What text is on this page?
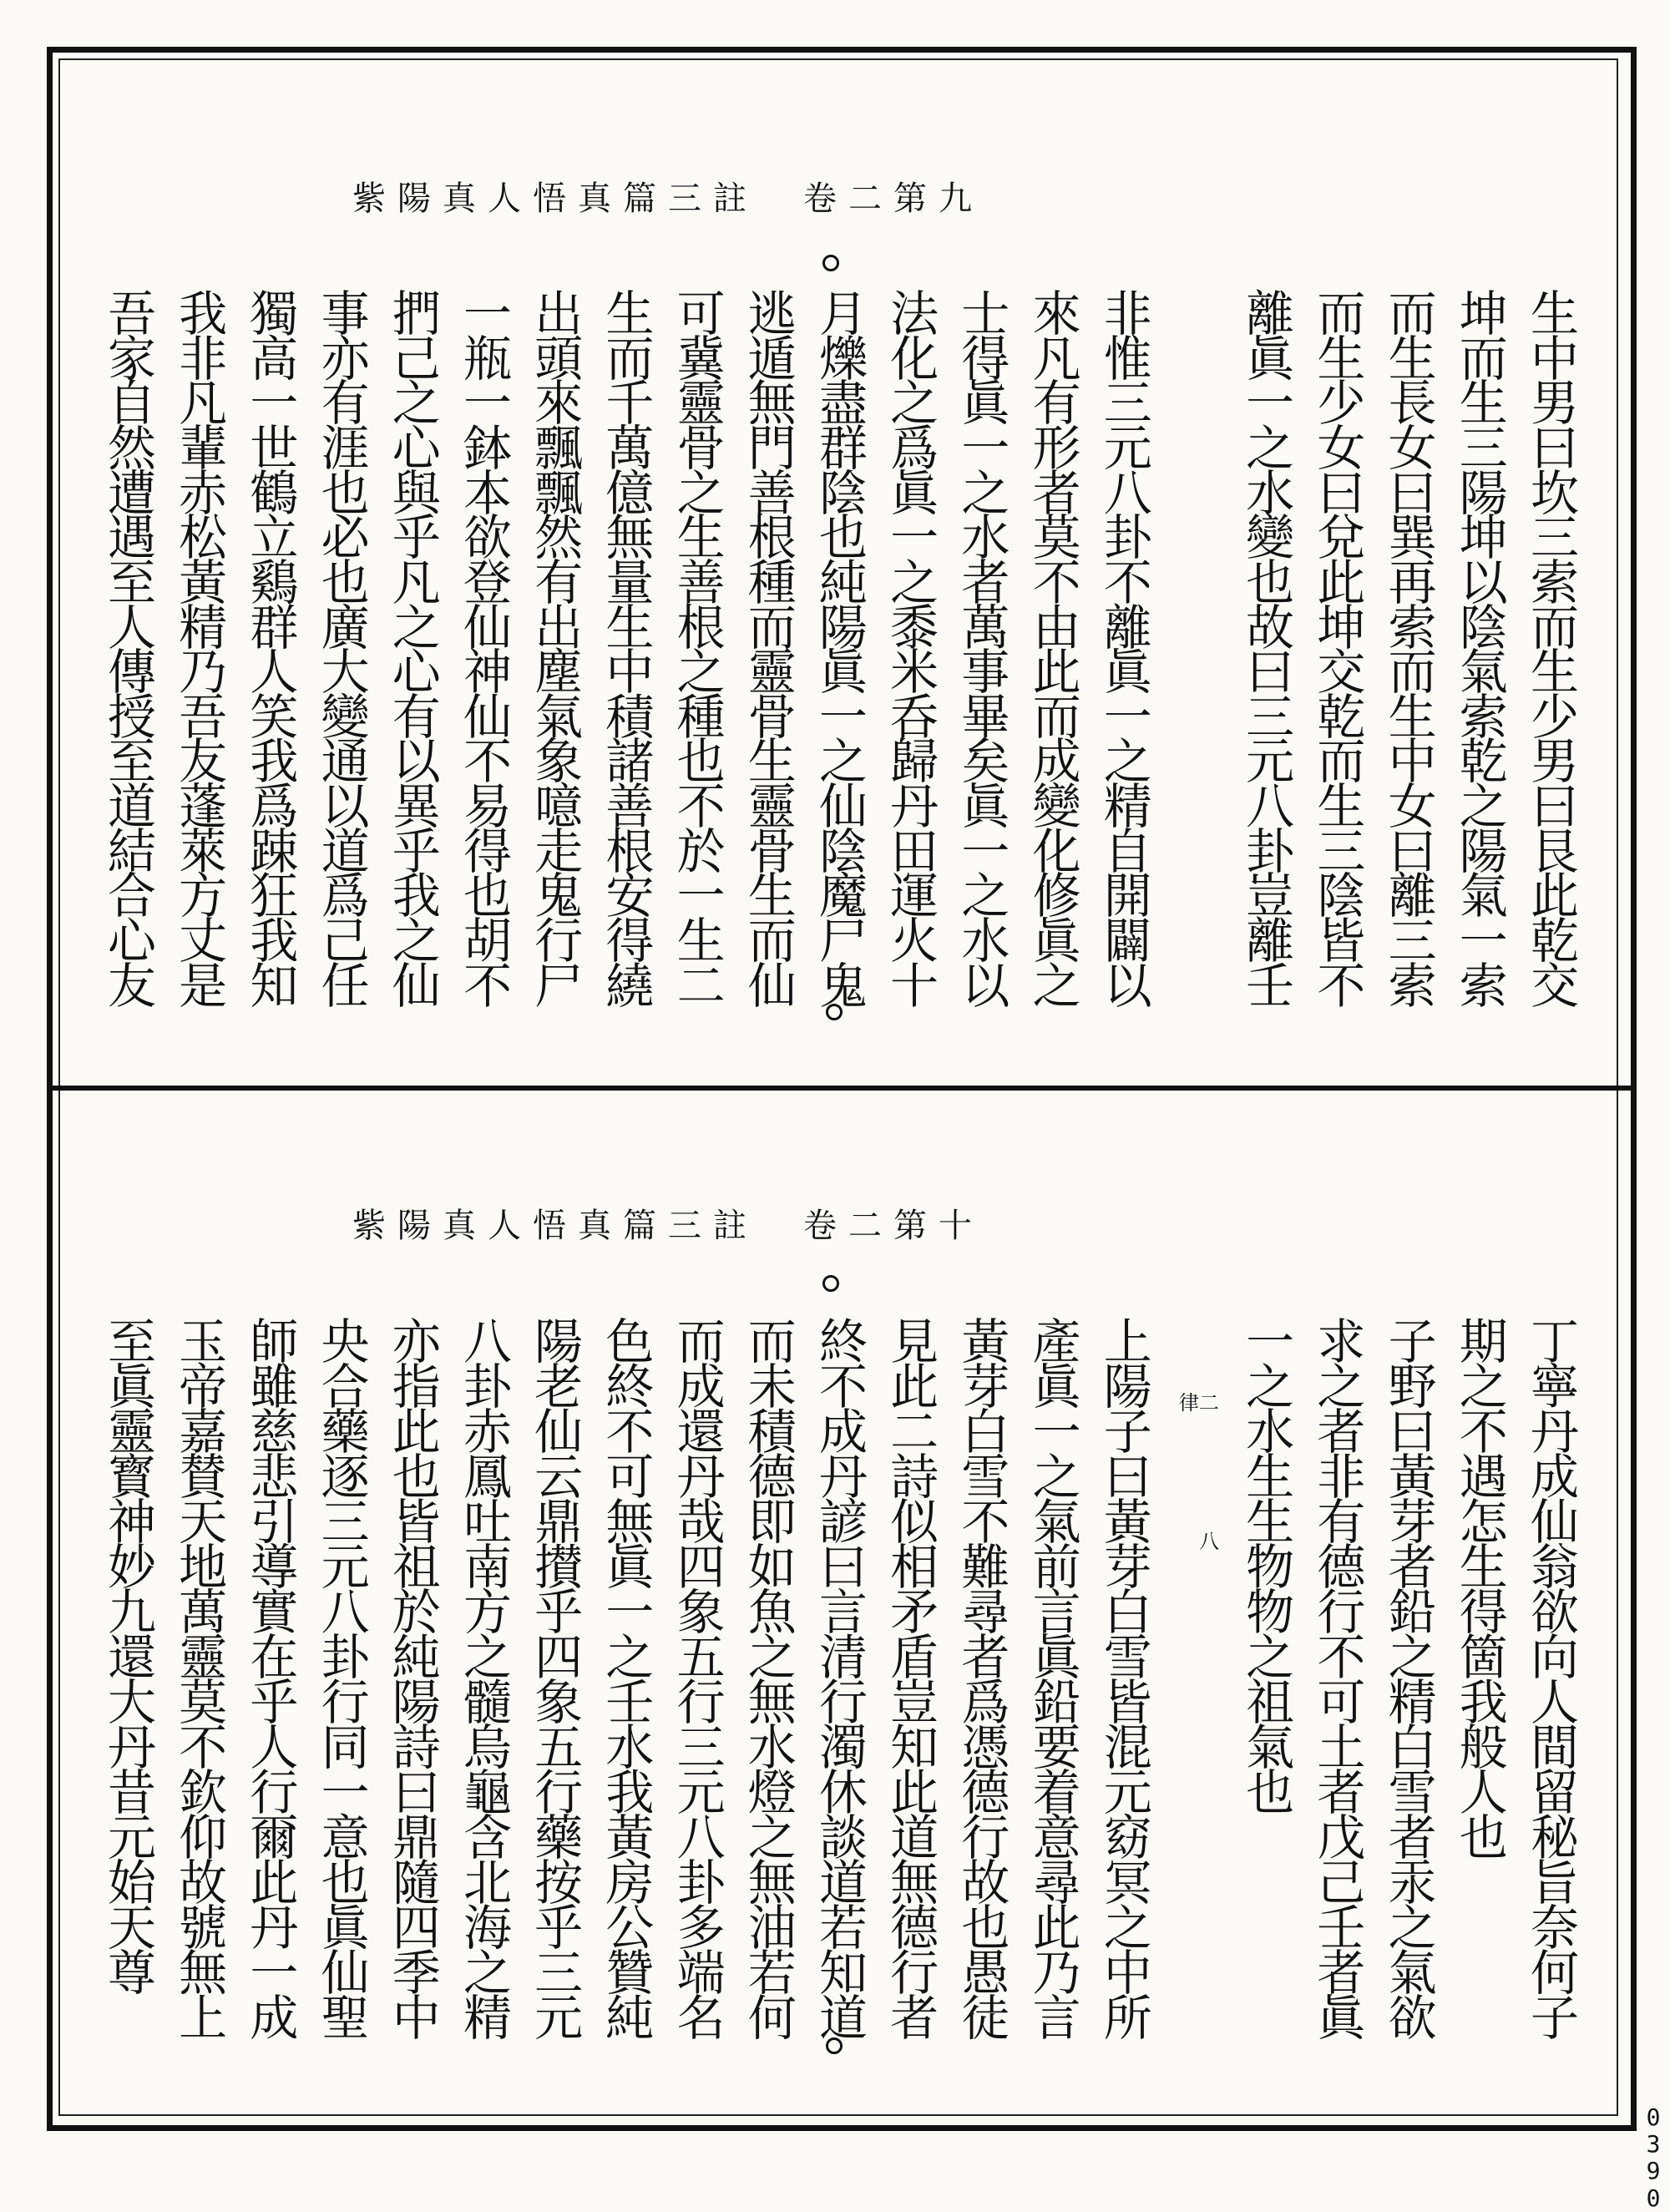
紫陽真人悟真篇三註　卷二第九
生
中
男
曰
坎
三
索
而
生
少
男
曰
艮
此
乾
交
坤
而
生
三
陽
坤
以
陰
氣
索
乾
之
陽
氣
一
索
而
生
長
女
曰
巽
再
索
而
生
中
女
曰
離
三
索
而
生
少
女
曰
兌
此
坤
交
乾
而
生
三
陰
皆
不
離
眞
一
之
水
變
也
故
曰
三
元
八
卦
豈
離
壬
非
惟
三
元
八
卦
不
離
眞
一
之
精
自
開
闢
以
來
凡
有
形
者
莫
不
由
此
而
成
變
化
修
眞
之
士
得
眞
一
之
水
者
萬
事
畢
矣
眞
一
之
水
以
法
化
之
爲
眞
一
之
黍
米
呑
歸
丹
田
運
火
十
月
爍
盡
群
陰
也
純
陽
眞
一
之
仙
陰
魔
尸
鬼
逃
遁
無
門
善
根
種
而
靈
骨
生
靈
骨
生
而
仙
可
冀
靈
骨
之
生
善
根
之
種
也
不
於
一
生
二
生
而
千
萬
億
無
量
生
中
積
諸
善
根
安
得
繞
出
頭
來
飄
飄
然
有
出
塵
氣
象
噫
走
鬼
行
尸
一
瓶
一
鉢
本
欲
登
仙
神
仙
不
易
得
也
胡
不
捫
己
之
心
與
乎
凡
之
心
有
以
異
乎
我
之
仙
事
亦
有
涯
也
必
也
廣
大
變
通
以
道
爲
己
任
獨
高
一
世
鶴
立
鷄
群
人
笑
我
爲
踈
狂
我
知
我
非
凡
輩
赤
松
黃
精
乃
吾
友
蓬
萊
方
丈
是
吾
家
自
然
遭
遇
至
人
傳
授
至
道
結
合
心
友
紫陽真人悟真篇三註　卷二第十
丁
寧
丹
成
仙
翁
欲
向
人
間
留
秘
旨
奈
何
子
期
之
不
遇
怎
生
得
箇
我
般
人
也
子
野
曰
黃
芽
者
鉛
之
精
白
雪
者
汞
之
氣
欲
求
之
者
非
有
德
行
不
可
土
者
戊
己
壬
者
眞
一
之
水
生
生
物
物
之
祖
氣
也
上
陽
子
曰
黃
芽
白
雪
皆
混
元
窈
冥
之
中
所
產
眞
一
之
氣
前
言
眞
鉛
要
着
意
尋
此
乃
言
黃
芽
白
雪
不
難
尋
者
爲
憑
德
行
故
也
愚
徒
見
此
二
詩
似
相
矛
盾
豈
知
此
道
無
德
行
者
終
不
成
丹
諺
曰
言
清
行
濁
休
談
道
若
知
道
而
未
積
德
即
如
魚
之
無
水
燈
之
無
油
若
何
而
成
還
丹
哉
四
象
五
行
三
元
八
卦
多
端
名
色
終
不
可
無
眞
一
之
壬
水
我
黃
房
公
贊
純
陽
老
仙
云
鼎
攅
乎
四
象
五
行
藥
按
乎
三
元
八
卦
赤
鳳
吐
南
方
之
髓
烏
龜
含
北
海
之
精
亦
指
此
也
皆
祖
於
純
陽
詩
曰
鼎
隨
四
季
中
央
合
藥
逐
三
元
八
卦
行
同
一
意
也
眞
仙
聖
師
雖
慈
悲
引
導
實
在
乎
人
行
爾
此
丹
一
成
玉
帝
嘉
賛
天
地
萬
靈
莫
不
欽
仰
故
號
無
上
至
眞
靈
寳
神
妙
九
還
大
丹
昔
元
始
天
尊
律二
八
0
3
9
0
